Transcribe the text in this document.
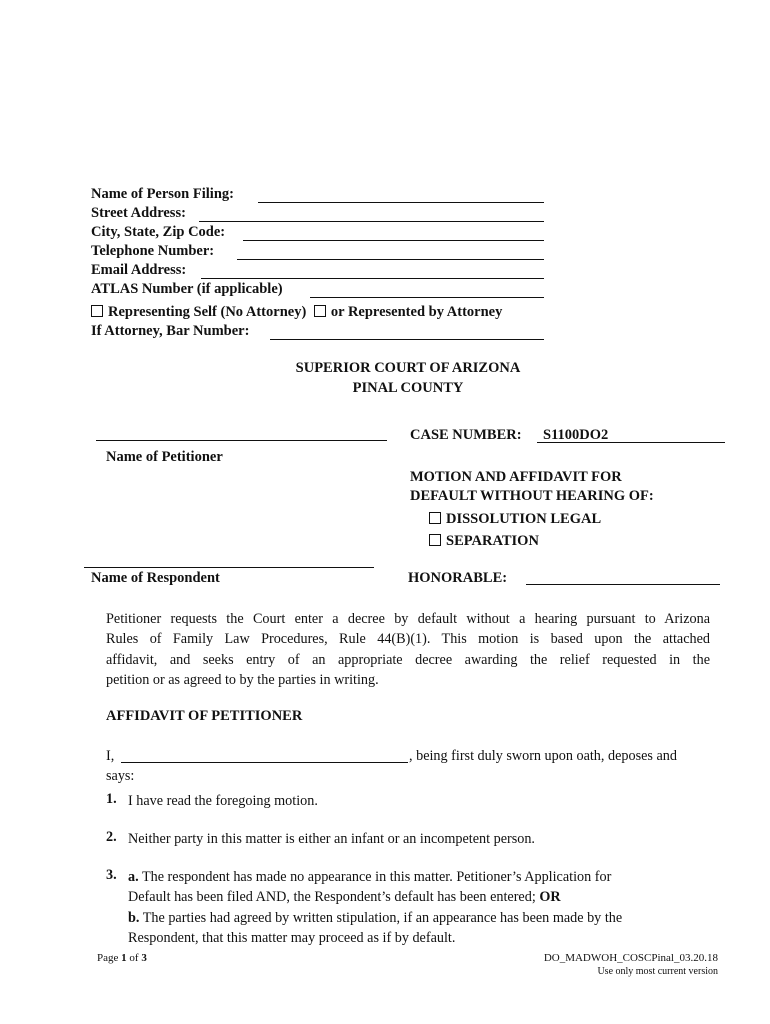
Name of Person Filing:
Street Address:
City, State, Zip Code:
Telephone Number:
Email Address:
ATLAS Number (if applicable)
Representing Self (No Attorney) or Represented by Attorney
If Attorney, Bar Number:
SUPERIOR COURT OF ARIZONA
PINAL COUNTY
Name of Petitioner
Name of Respondent
CASE NUMBER:	S1100DO2
MOTION AND AFFIDAVIT FOR
DEFAULT WITHOUT HEARING OF:
DISSOLUTION LEGAL
SEPARATION
HONORABLE:
Petitioner requests the Court enter a decree by default without a hearing pursuant to Arizona
Rules of Family Law Procedures, Rule 44(B)(1). This motion is based upon the attached
affidavit, and seeks entry of an appropriate decree awarding the relief requested in the
petition or as agreed to by the parties in writing.
AFFIDAVIT OF PETITIONER
I,	, being first duly sworn upon oath, deposes and
says:
1. I have read the foregoing motion.
2. Neither party in this matter is either an infant or an incompetent person.
3. a. The respondent has made no appearance in this matter. Petitioner’s Application for
Default has been filed AND, the Respondent’s default has been entered; OR
b. The parties had agreed by written stipulation, if an appearance has been made by the
Respondent, that this matter may proceed as if by default.
Page 1 of 3	DO_MADWOH_COSCPinal_03.20.18
Use only most current version
